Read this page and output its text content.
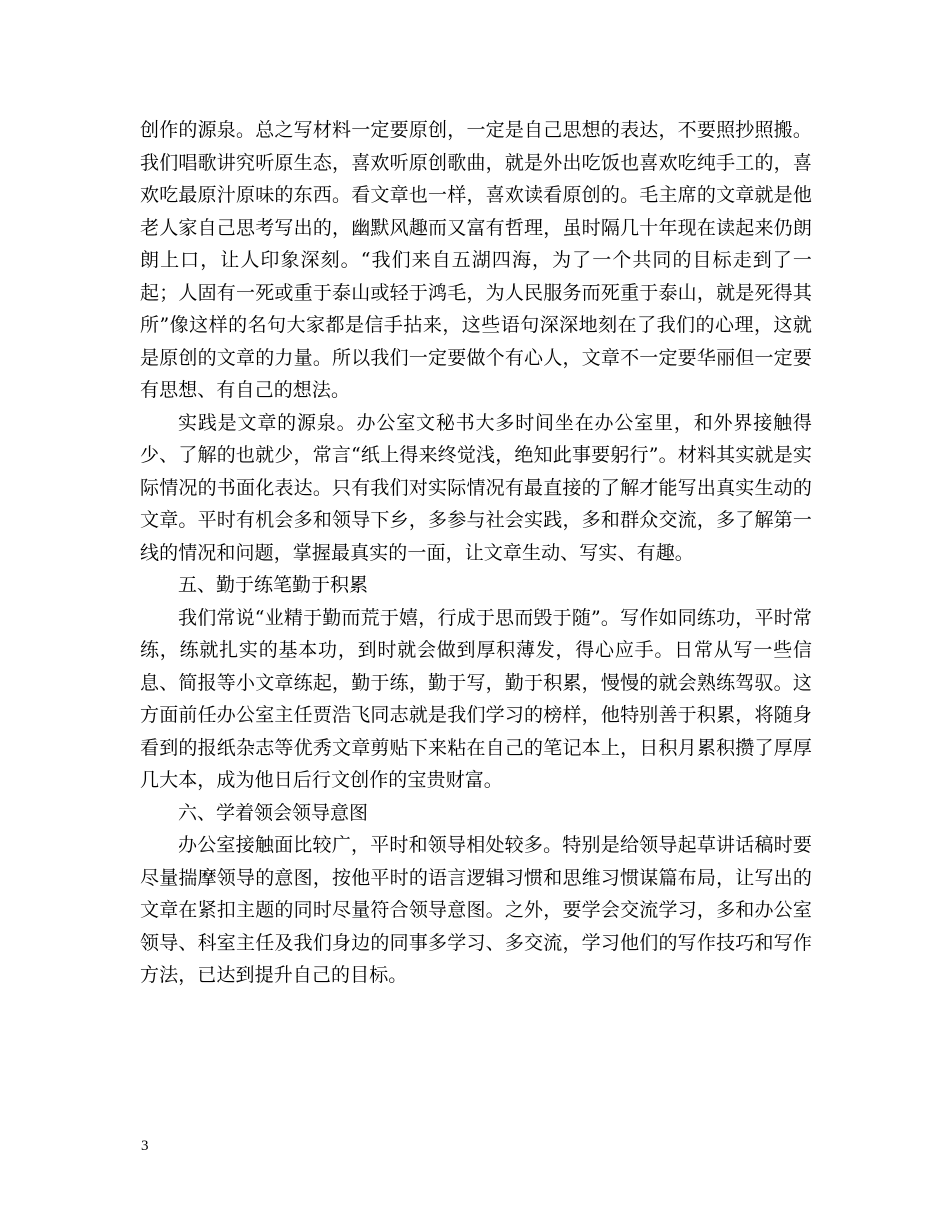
创作的源泉。总之写材料一定要原创，一定是自己思想的表达，不要照抄照搬。我们唱歌讲究听原生态，喜欢听原创歌曲，就是外出吃饭也喜欢吃纯手工的，喜欢吃最原汁原味的东西。看文章也一样，喜欢读看原创的。毛主席的文章就是他老人家自己思考写出的，幽默风趣而又富有哲理，虽时隔几十年现在读起来仍朗朗上口，让人印象深刻。“我们来自五湖四海，为了一个共同的目标走到了一起；人固有一死或重于泰山或轻于鸿毛，为人民服务而死重于泰山，就是死得其所”像这样的名句大家都是信手拈来，这些语句深深地刻在了我们的心理，这就是原创的文章的力量。所以我们一定要做个有心人，文章不一定要华丽但一定要有思想、有自己的想法。

实践是文章的源泉。办公室文秘书大多时间坐在办公室里，和外界接触得少、了解的也就少，常言“纸上得来终觉浅，绝知此事要躬行”。材料其实就是实际情况的书面化表达。只有我们对实际情况有最直接的了解才能写出真实生动的文章。平时有机会多和领导下乡，多参与社会实践，多和群众交流，多了解第一线的情况和问题，掌握最真实的一面，让文章生动、写实、有趣。

五、勤于练笔勤于积累

我们常说“业精于勤而荒于嬉，行成于思而毁于随”。写作如同练功，平时常练，练就扎实的基本功，到时就会做到厚积薄发，得心应手。日常从写一些信息、简报等小文章练起，勤于练，勤于写，勤于积累，慢慢的就会熟练驾驭。这方面前任办公室主任贾浩飞同志就是我们学习的榜样，他特别善于积累，将随身看到的报纸杂志等优秀文章剪贴下来粘在自己的笔记本上，日积月累积攒了厚厚几大本，成为他日后行文创作的宝贵财富。

六、学着领会领导意图

办公室接触面比较广，平时和领导相处较多。特别是给领导起草讲话稿时要尽量揣摩领导的意图，按他平时的语言逻辑习惯和思维习惯谋篇布局，让写出的文章在紧扣主题的同时尽量符合领导意图。之外，要学会交流学习，多和办公室领导、科室主任及我们身边的同事多学习、多交流，学习他们的写作技巧和写作方法，已达到提升自己的目标。

3
